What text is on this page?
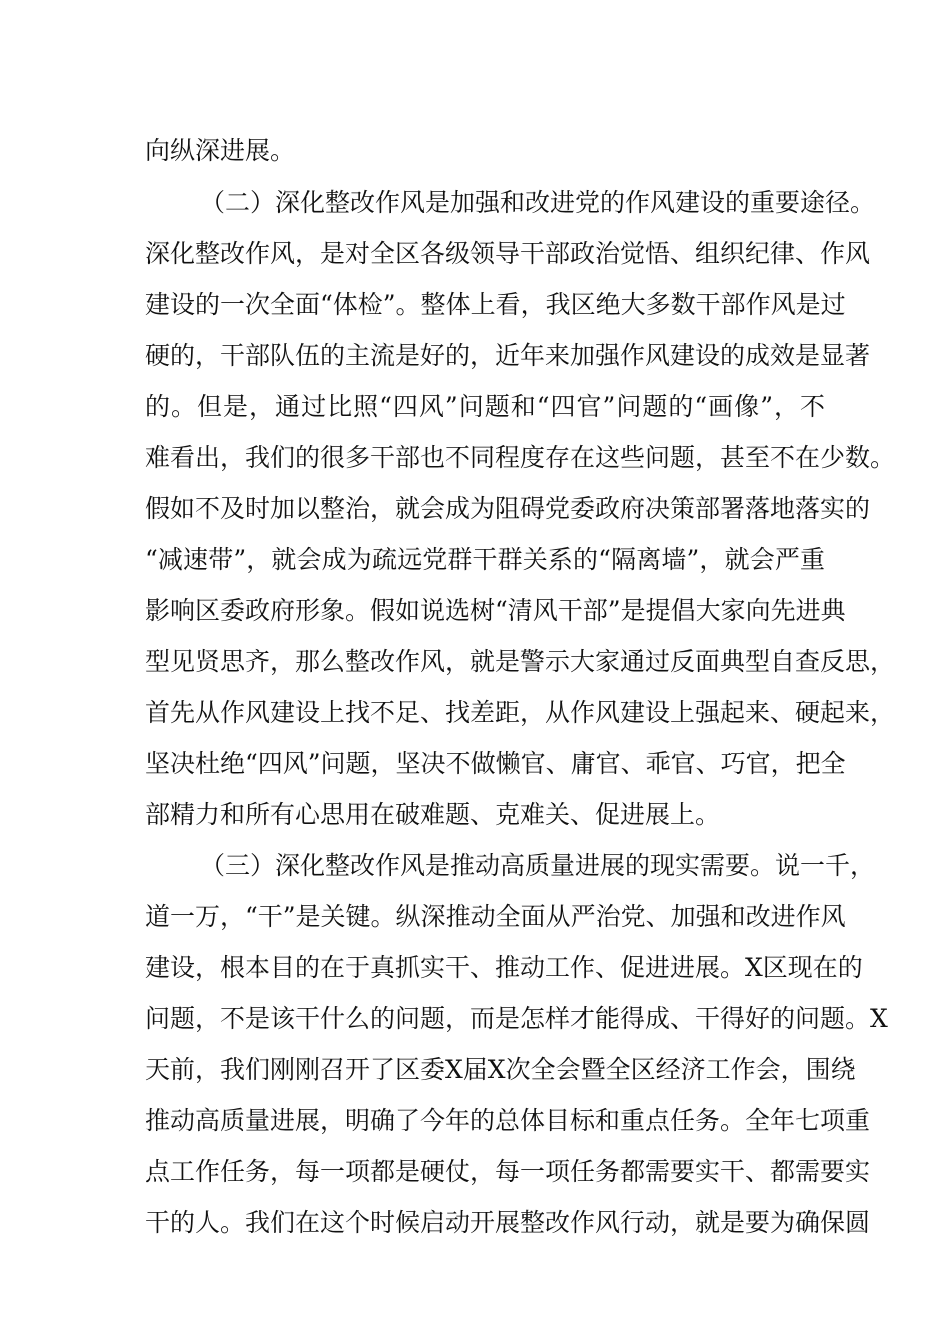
向纵深进展。
（二）深化整改作风是加强和改进党的作风建设的重要途径。
深化整改作风，是对全区各级领导干部政治觉悟、组织纪律、作风
建设的一次全面“体检”。整体上看，我区绝大多数干部作风是过
硬的，干部队伍的主流是好的，近年来加强作风建设的成效是显著
的。但是，通过比照“四风”问题和“四官”问题的“画像”，不
难看出，我们的很多干部也不同程度存在这些问题，甚至不在少数。
假如不及时加以整治，就会成为阻碍党委政府决策部署落地落实的
“减速带”，就会成为疏远党群干群关系的“隔离墙”，就会严重
影响区委政府形象。假如说选树“清风干部”是提倡大家向先进典
型见贤思齐，那么整改作风，就是警示大家通过反面典型自查反思，
首先从作风建设上找不足、找差距，从作风建设上强起来、硬起来，
坚决杜绝“四风”问题，坚决不做懒官、庸官、乖官、巧官，把全
部精力和所有心思用在破难题、克难关、促进展上。
（三）深化整改作风是推动高质量进展的现实需要。说一千，
道一万，“干”是关键。纵深推动全面从严治党、加强和改进作风
建设，根本目的在于真抓实干、推动工作、促进进展。X区现在的
问题，不是该干什么的问题，而是怎样才能得成、干得好的问题。X
天前，我们刚刚召开了区委X届X次全会暨全区经济工作会，围绕
推动高质量进展，明确了今年的总体目标和重点任务。全年七项重
点工作任务，每一项都是硬仗，每一项任务都需要实干、都需要实
干的人。我们在这个时候启动开展整改作风行动，就是要为确保圆
